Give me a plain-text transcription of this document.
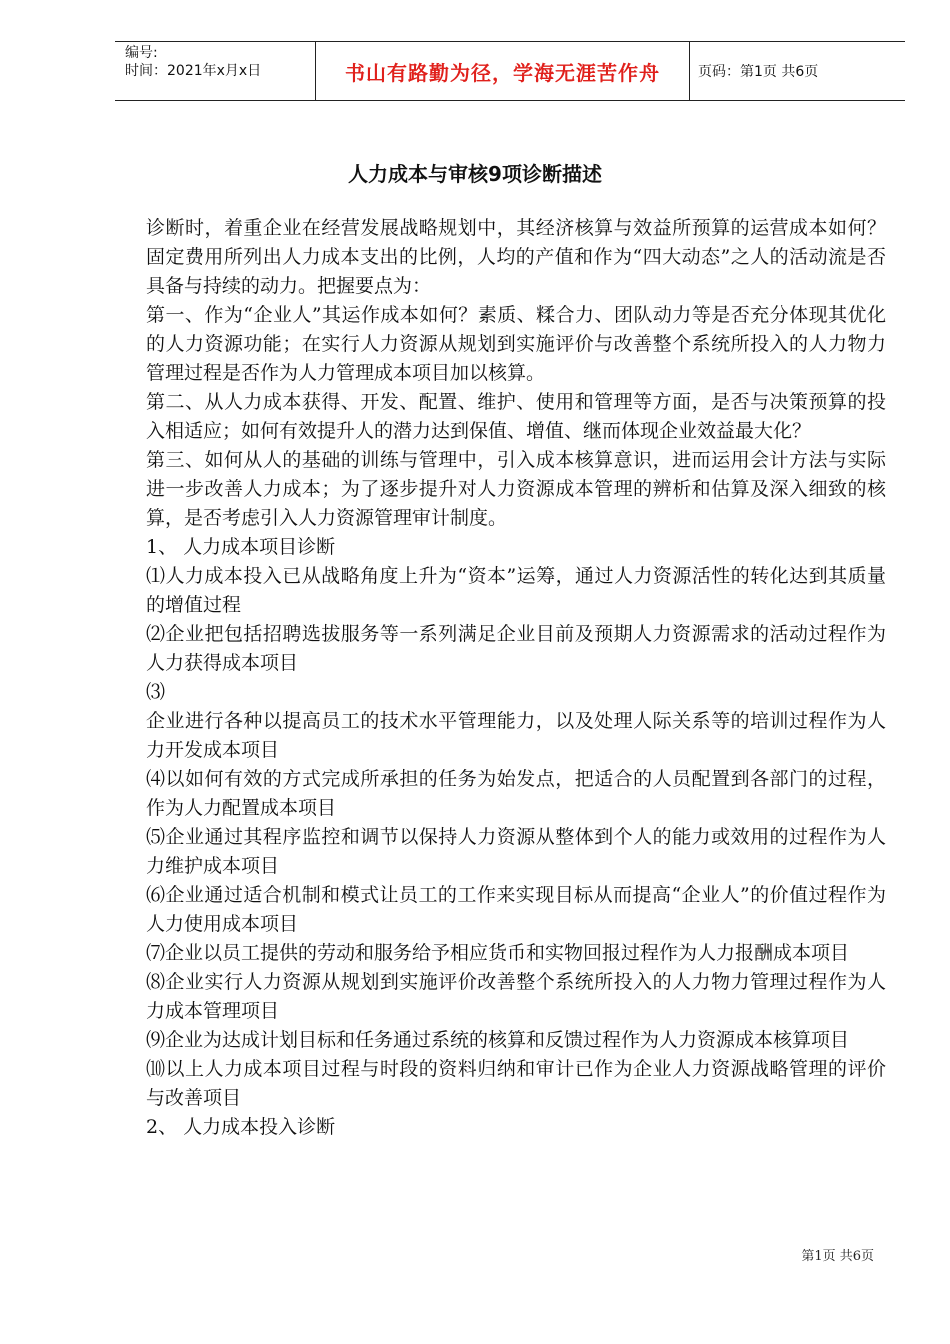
编号:
时间：2021年x月x日	书山有路勤为径，学海无涯苦作舟	页码：第1页 共6页
人力成本与审核9项诊断描述

诊断时，着重企业在经营发展战略规划中，其经济核算与效益所预算的运营成本如何？固定费用所列出人力成本支出的比例，人均的产值和作为“四大动态”之人的活动流是否具备与持续的动力。把握要点为：

第一、作为“企业人”其运作成本如何？素质、糅合力、团队动力等是否充分体现其优化的人力资源功能；在实行人力资源从规划到实施评价与改善整个系统所投入的人力物力管理过程是否作为人力管理成本项目加以核算。

第二、从人力成本获得、开发、配置、维护、使用和管理等方面，是否与决策预算的投入相适应；如何有效提升人的潜力达到保值、增值、继而体现企业效益最大化？

第三、如何从人的基础的训练与管理中，引入成本核算意识，进而运用会计方法与实际进一步改善人力成本；为了逐步提升对人力资源成本管理的辨析和估算及深入细致的核算，是否考虑引入人力资源管理审计制度。

1、 人力成本项目诊断

⑴人力成本投入已从战略角度上升为“资本”运筹，通过人力资源活性的转化达到其质量的增值过程

⑵企业把包括招聘选拔服务等一系列满足企业目前及预期人力资源需求的活动过程作为人力获得成本项目

⑶

企业进行各种以提高员工的技术水平管理能力，以及处理人际关系等的培训过程作为人力开发成本项目

⑷以如何有效的方式完成所承担的任务为始发点，把适合的人员配置到各部门的过程，作为人力配置成本项目

⑸企业通过其程序监控和调节以保持人力资源从整体到个人的能力或效用的过程作为人力维护成本项目

⑹企业通过适合机制和模式让员工的工作来实现目标从而提高“企业人”的价值过程作为人力使用成本项目

⑺企业以员工提供的劳动和服务给予相应货币和实物回报过程作为人力报酬成本项目

⑻企业实行人力资源从规划到实施评价改善整个系统所投入的人力物力管理过程作为人力成本管理项目

⑼企业为达成计划目标和任务通过系统的核算和反馈过程作为人力资源成本核算项目

⑽以上人力成本项目过程与时段的资料归纳和审计已作为企业人力资源战略管理的评价与改善项目

2、 人力成本投入诊断

第1页 共6页
